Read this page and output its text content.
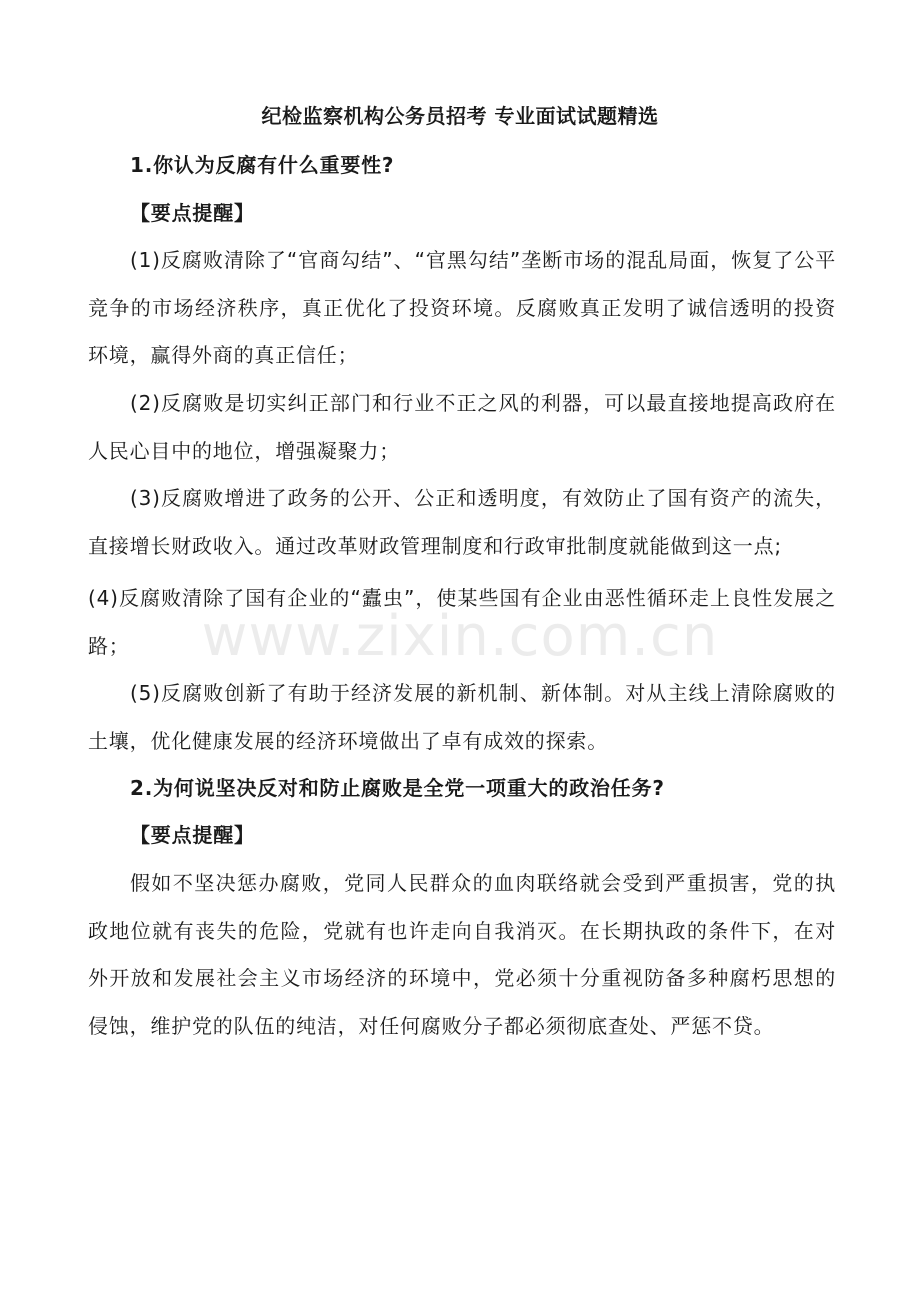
纪检监察机构公务员招考 专业面试试题精选
1.你认为反腐有什么重要性?
【要点提醒】
(1)反腐败清除了“官商勾结”、“官黑勾结”垄断市场的混乱局面，恢复了公平竞争的市场经济秩序，真正优化了投资环境。反腐败真正发明了诚信透明的投资环境，赢得外商的真正信任；
(2)反腐败是切实纠正部门和行业不正之风的利器，可以最直接地提高政府在人民心目中的地位，增强凝聚力；
(3)反腐败增进了政务的公开、公正和透明度，有效防止了国有资产的流失，直接增长财政收入。通过改革财政管理制度和行政审批制度就能做到这一点;
(4)反腐败清除了国有企业的“蠹虫”，使某些国有企业由恶性循环走上良性发展之路；
(5)反腐败创新了有助于经济发展的新机制、新体制。对从主线上清除腐败的土壤，优化健康发展的经济环境做出了卓有成效的探索。
2.为何说坚决反对和防止腐败是全党一项重大的政治任务?
【要点提醒】
假如不坚决惩办腐败，党同人民群众的血肉联络就会受到严重损害，党的执政地位就有丧失的危险，党就有也许走向自我消灭。在长期执政的条件下，在对外开放和发展社会主义市场经济的环境中，党必须十分重视防备多种腐朽思想的侵蚀，维护党的队伍的纯洁，对任何腐败分子都必须彻底查处、严惩不贷。
www.zixin.com.cn
